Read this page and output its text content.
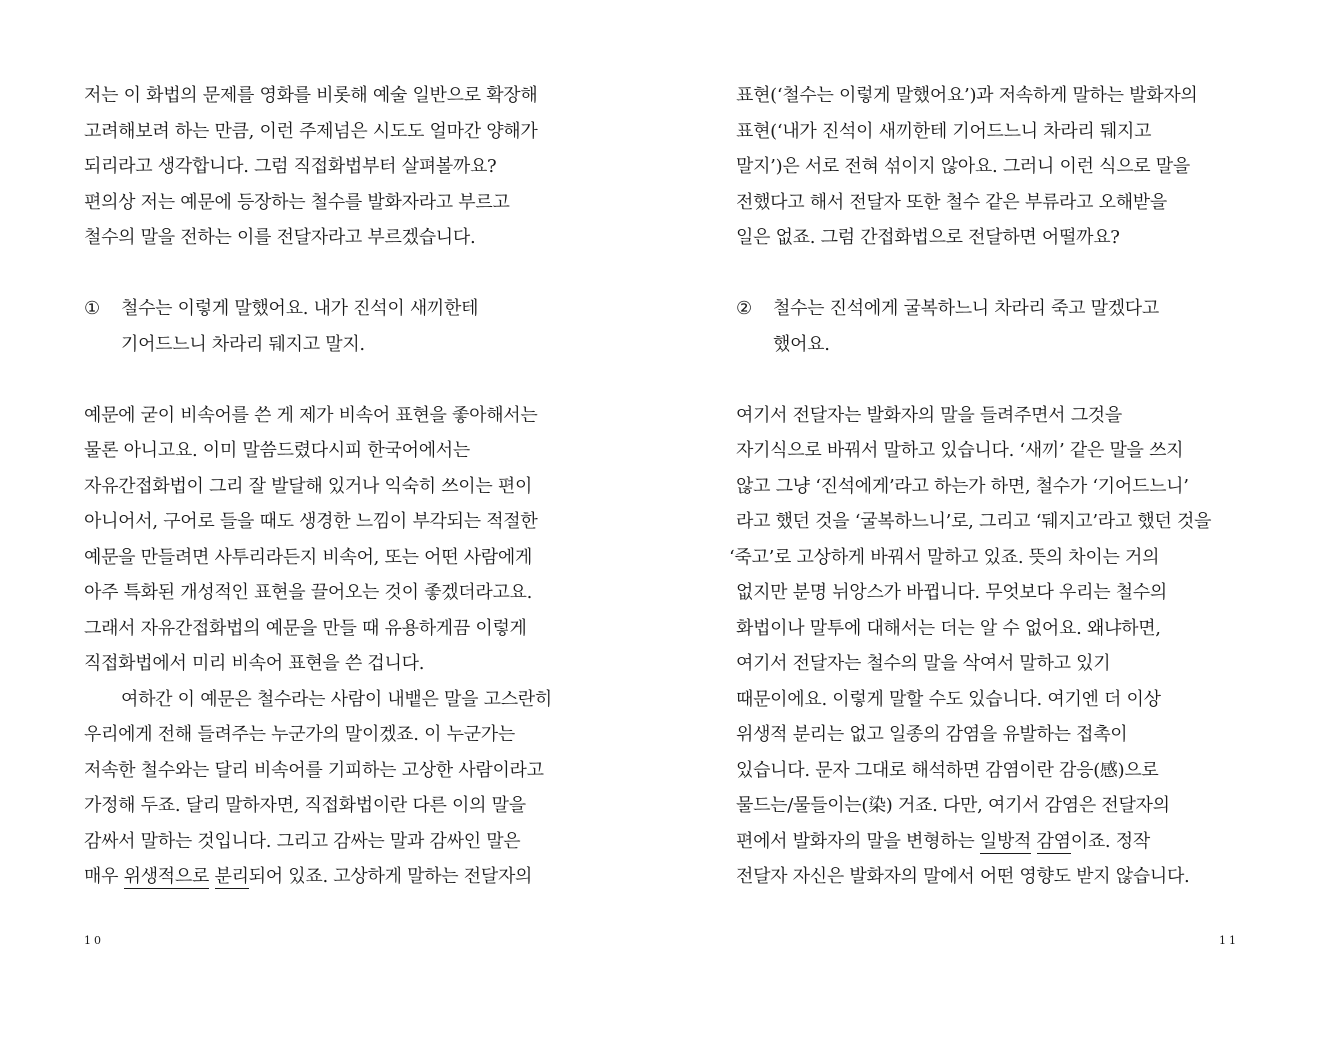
저는 이 화법의 문제를 영화를 비롯해 예술 일반으로 확장해
고려해보려 하는 만큼, 이런 주제넘은 시도도 얼마간 양해가
되리라고 생각합니다. 그럼 직접화법부터 살펴볼까요?
편의상 저는 예문에 등장하는 철수를 발화자라고 부르고
철수의 말을 전하는 이를 전달자라고 부르겠습니다.
① 철수는 이렇게 말했어요. 내가 진석이 새끼한테
기어드느니 차라리 뒈지고 말지.
예문에 굳이 비속어를 쓴 게 제가 비속어 표현을 좋아해서는
물론 아니고요. 이미 말씀드렸다시피 한국어에서는
자유간접화법이 그리 잘 발달해 있거나 익숙히 쓰이는 편이
아니어서, 구어로 들을 때도 생경한 느낌이 부각되는 적절한
예문을 만들려면 사투리라든지 비속어, 또는 어떤 사람에게
아주 특화된 개성적인 표현을 끌어오는 것이 좋겠더라고요.
그래서 자유간접화법의 예문을 만들 때 유용하게끔 이렇게
직접화법에서 미리 비속어 표현을 쓴 겁니다.
여하간 이 예문은 철수라는 사람이 내뱉은 말을 고스란히
우리에게 전해 들려주는 누군가의 말이겠죠. 이 누군가는
저속한 철수와는 달리 비속어를 기피하는 고상한 사람이라고
가정해 두죠. 달리 말하자면, 직접화법이란 다른 이의 말을
감싸서 말하는 것입니다. 그리고 감싸는 말과 감싸인 말은
매우 위생적으로 분리되어 있죠. 고상하게 말하는 전달자의
10
표현(‘철수는 이렇게 말했어요’)과 저속하게 말하는 발화자의
표현(‘내가 진석이 새끼한테 기어드느니 차라리 뒈지고
말지’)은 서로 전혀 섞이지 않아요. 그러니 이런 식으로 말을
전했다고 해서 전달자 또한 철수 같은 부류라고 오해받을
일은 없죠. 그럼 간접화법으로 전달하면 어떨까요?
② 철수는 진석에게 굴복하느니 차라리 죽고 말겠다고
했어요.
여기서 전달자는 발화자의 말을 들려주면서 그것을
자기식으로 바꿔서 말하고 있습니다. ‘새끼’ 같은 말을 쓰지
않고 그냥 ‘진석에게’라고 하는가 하면, 철수가 ‘기어드느니’
라고 했던 것을 ‘굴복하느니’로, 그리고 ‘뒈지고’라고 했던 것을
‘죽고’로 고상하게 바꿔서 말하고 있죠. 뜻의 차이는 거의
없지만 분명 뉘앙스가 바뀝니다. 무엇보다 우리는 철수의
화법이나 말투에 대해서는 더는 알 수 없어요. 왜냐하면,
여기서 전달자는 철수의 말을 삭여서 말하고 있기
때문이에요. 이렇게 말할 수도 있습니다. 여기엔 더 이상
위생적 분리는 없고 일종의 감염을 유발하는 접촉이
있습니다. 문자 그대로 해석하면 감염이란 감응(感)으로
물드는/물들이는(染) 거죠. 다만, 여기서 감염은 전달자의
편에서 발화자의 말을 변형하는 일방적 감염이죠. 정작
전달자 자신은 발화자의 말에서 어떤 영향도 받지 않습니다.
11
